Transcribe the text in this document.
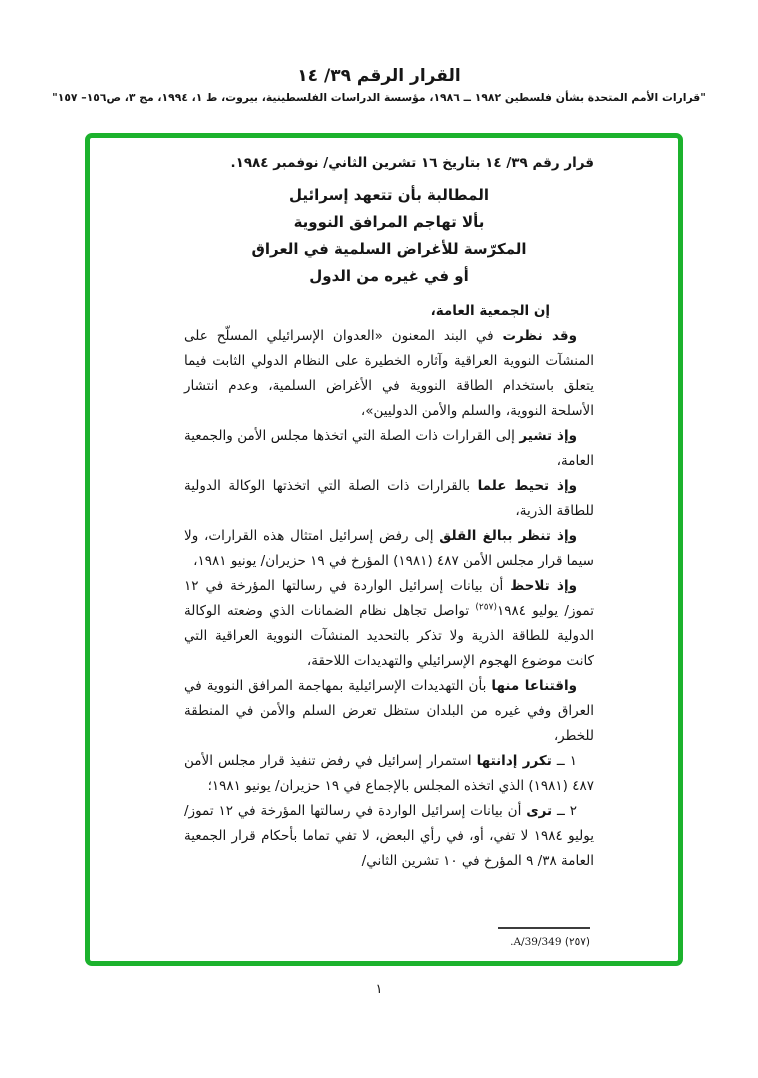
القرار الرقم ٣٩/ ١٤
"قرارات الأمم المتحدة بشأن فلسطين ١٩٨٢ ــ ١٩٨٦، مؤسسة الدراسات الفلسطينية، بيروت، ط ١، ١٩٩٤، مج ٣، ص١٥٦– ١٥٧"

قرار رقم ٣٩/ ١٤ بتاريخ ١٦ تشرين الثاني/ نوفمبر ١٩٨٤.

المطالبة بأن تتعهد إسرائيل
بألا تهاجم المرافق النووية
المكرّسة للأغراض السلمية في العراق
أو في غيره من الدول

إن الجمعية العامة،

وقد نظرت في البند المعنون «العدوان الإسرائيلي المسلّح على المنشآت النووية العراقية وآثاره الخطيرة على النظام الدولي الثابت فيما يتعلق باستخدام الطاقة النووية في الأغراض السلمية، وعدم انتشار الأسلحة النووية، والسلم والأمن الدوليين»،

وإذ تشير إلى القرارات ذات الصلة التي اتخذها مجلس الأمن والجمعية العامة،

وإذ تحيط علما بالقرارات ذات الصلة التي اتخذتها الوكالة الدولية للطاقة الذرية،

وإذ تنظر ببالغ القلق إلى رفض إسرائيل امتثال هذه القرارات، ولا سيما قرار مجلس الأمن ٤٨٧ (١٩٨١) المؤرخ في ١٩ حزيران/ يونيو ١٩٨١،

وإذ تلاحظ أن بيانات إسرائيل الواردة في رسالتها المؤرخة في ١٢ تموز/ يوليو ١٩٨٤$^{(٢٥٧)}$ تواصل تجاهل نظام الضمانات الذي وضعته الوكالة الدولية للطاقة الذرية ولا تذكر بالتحديد المنشآت النووية العراقية التي كانت موضوع الهجوم الإسرائيلي والتهديدات اللاحقة،

واقتناعا منها بأن التهديدات الإسرائيلية بمهاجمة المرافق النووية في العراق وفي غيره من البلدان ستظل تعرض السلم والأمن في المنطقة للخطر،

١ ــ تكرر إدانتها استمرار إسرائيل في رفض تنفيذ قرار مجلس الأمن ٤٨٧ (١٩٨١) الذي اتخذه المجلس بالإجماع في ١٩ حزيران/ يونيو ١٩٨١؛

٢ ــ ترى أن بيانات إسرائيل الواردة في رسالتها المؤرخة في ١٢ تموز/ يوليو ١٩٨٤ لا تفي، أو، في رأي البعض، لا تفي تماما بأحكام قرار الجمعية العامة ٣٨/ ٩ المؤرخ في ١٠ تشرين الثاني/

(٢٥٧) A/39/349.
١
